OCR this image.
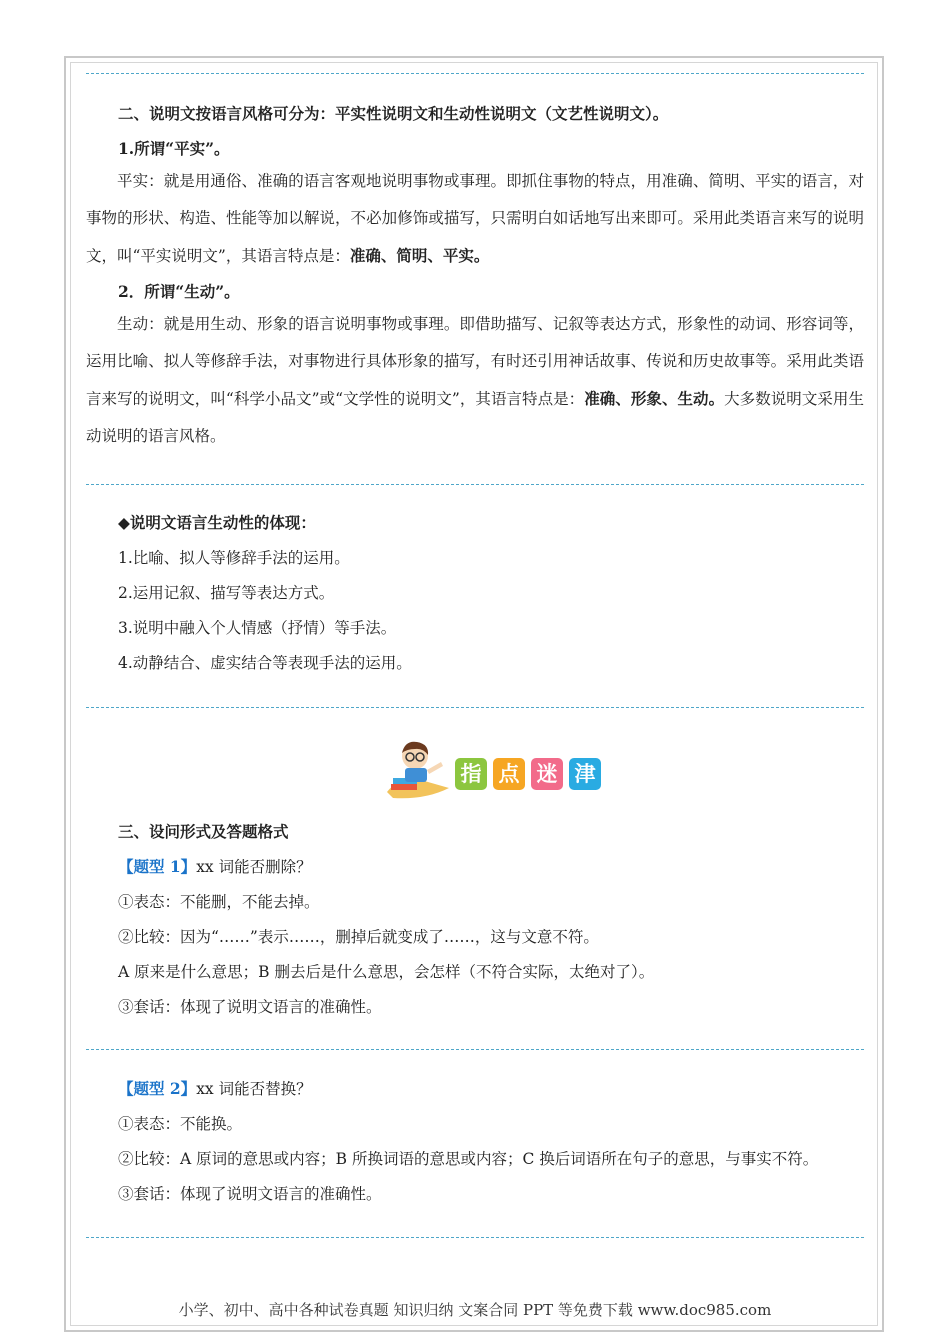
二、说明文按语言风格可分为：平实性说明文和生动性说明文（文艺性说明文）。

1.所谓“平实”。

平实：就是用通俗、准确的语言客观地说明事物或事理。即抓住事物的特点，用准确、简明、平实的语言，对事物的形状、构造、性能等加以解说，不必加修饰或描写，只需明白如话地写出来即可。采用此类语言来写的说明文，叫“平实说明文”，其语言特点是：准确、简明、平实。

2．所谓“生动”。

生动：就是用生动、形象的语言说明事物或事理。即借助描写、记叙等表达方式，形象性的动词、形容词等，运用比喻、拟人等修辞手法，对事物进行具体形象的描写，有时还引用神话故事、传说和历史故事等。采用此类语言来写的说明文，叫“科学小品文”或“文学性的说明文”，其语言特点是：准确、形象、生动。大多数说明文采用生动说明的语言风格。

◆说明文语言生动性的体现：

1.比喻、拟人等修辞手法的运用。

2.运用记叙、描写等表达方式。

3.说明中融入个人情感（抒情）等手法。

4.动静结合、虚实结合等表现手法的运用。

指 点 迷 津

三、设问形式及答题格式

【题型 1】xx 词能否删除？

①表态：不能删，不能去掉。

②比较：因为“……”表示……，删掉后就变成了……，这与文意不符。

A 原来是什么意思；B 删去后是什么意思，会怎样（不符合实际，太绝对了）。

③套话：体现了说明文语言的准确性。

【题型 2】xx 词能否替换？

①表态：不能换。

②比较：A 原词的意思或内容；B 所换词语的意思或内容；C 换后词语所在句子的意思，与事实不符。

③套话：体现了说明文语言的准确性。

小学、初中、高中各种试卷真题 知识归纳 文案合同 PPT 等免费下载 www.doc985.com
